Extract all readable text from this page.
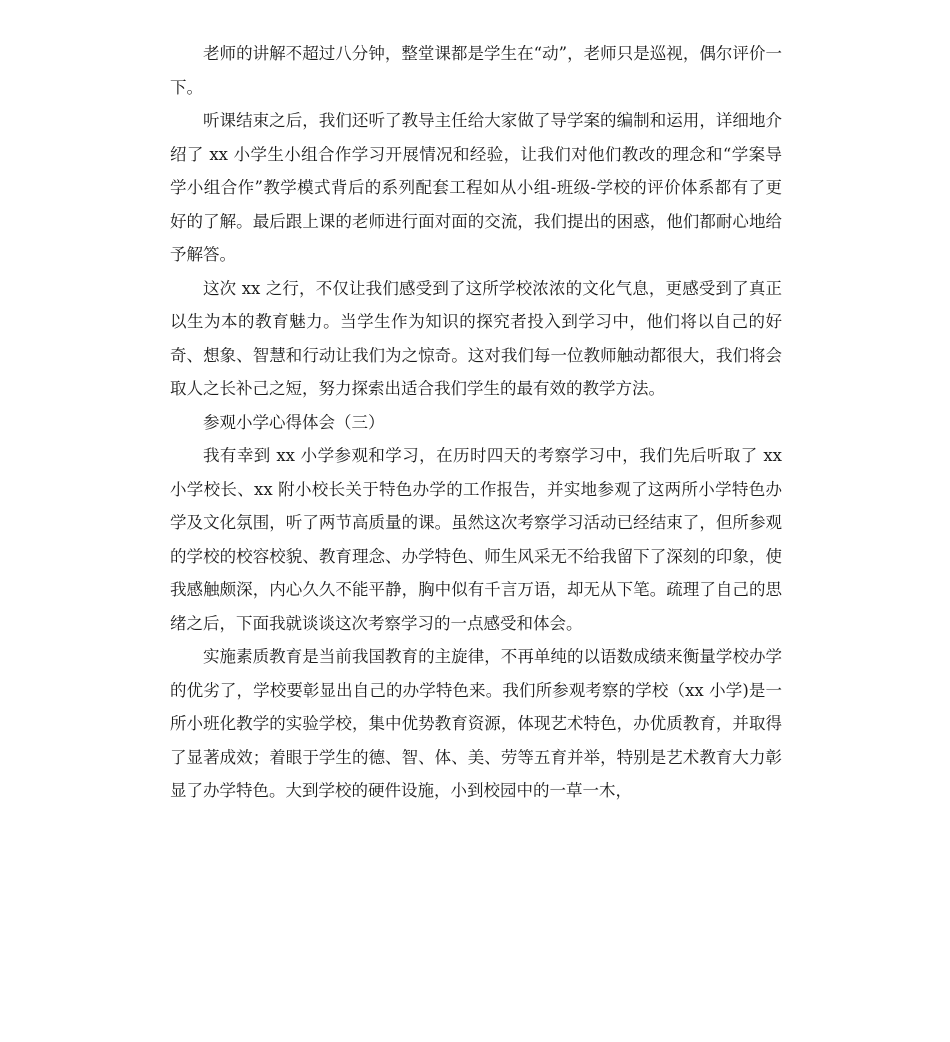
老师的讲解不超过八分钟，整堂课都是学生在“动”，老师只是巡视，偶尔评价一下。

听课结束之后，我们还听了教导主任给大家做了导学案的编制和运用，详细地介绍了 xx 小学生小组合作学习开展情况和经验，让我们对他们教改的理念和“学案导学小组合作”教学模式背后的系列配套工程如从小组-班级-学校的评价体系都有了更好的了解。最后跟上课的老师进行面对面的交流，我们提出的困惑，他们都耐心地给予解答。

这次 xx 之行，不仅让我们感受到了这所学校浓浓的文化气息，更感受到了真正以生为本的教育魅力。当学生作为知识的探究者投入到学习中，他们将以自己的好奇、想象、智慧和行动让我们为之惊奇。这对我们每一位教师触动都很大，我们将会取人之长补己之短，努力探索出适合我们学生的最有效的教学方法。

参观小学心得体会（三）

我有幸到 xx 小学参观和学习，在历时四天的考察学习中，我们先后听取了 xx 小学校长、xx 附小校长关于特色办学的工作报告，并实地参观了这两所小学特色办学及文化氛围，听了两节高质量的课。虽然这次考察学习活动已经结束了，但所参观的学校的校容校貌、教育理念、办学特色、师生风采无不给我留下了深刻的印象，使我感触颇深，内心久久不能平静，胸中似有千言万语，却无从下笔。疏理了自己的思绪之后，下面我就谈谈这次考察学习的一点感受和体会。

实施素质教育是当前我国教育的主旋律，不再单纯的以语数成绩来衡量学校办学的优劣了，学校要彰显出自己的办学特色来。我们所参观考察的学校（xx 小学)是一所小班化教学的实验学校，集中优势教育资源，体现艺术特色，办优质教育，并取得了显著成效；着眼于学生的德、智、体、美、劳等五育并举，特别是艺术教育大力彰显了办学特色。大到学校的硬件设施，小到校园中的一草一木，
